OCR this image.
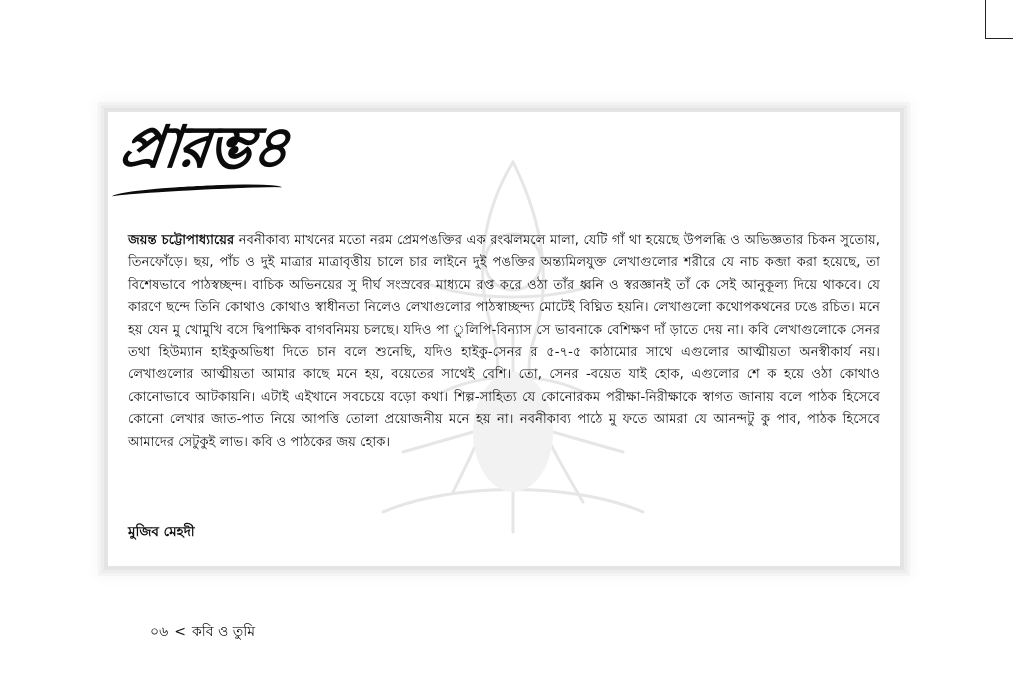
প্রারম্ভ৪

জয়ন্ত চট্টোপাধ্যায়ের নবনীকাব্য মাখনের মতো নরম প্রেমপঙক্তির এক রংঝলমলে মালা, যেটি গাঁ থা হয়েছে উপলব্ধি ও অভিজ্ঞতার চিকন সুতোয়, তিনফোঁড়ে। ছয়, পাঁচ ও দুই মাত্রার মাত্রাবৃত্তীয় চালে চার লাইনে দুই পঙক্তির অন্ত্যমিলযুক্ত লেখাগুলোর শরীরে যে নাচ কব্জা করা হয়েছে, তা বিশেষভাবে পাঠস্বচ্ছন্দ। বাচিক অভিনয়ের সু দীর্ঘ সংস্রবের মাধ্যমে রপ্ত করে ওঠা তাঁর ধ্বনি ও স্বরজ্ঞানই তাঁ কে সেই আনুকূল্য দিয়ে থাকবে। যে কারণে ছন্দে তিনি কোথাও কোথাও স্বাধীনতা নিলেও লেখাগুলোর পাঠস্বাচ্ছন্দ্য মোটেই বিঘ্নিত হয়নি। লেখাগুলো কথোপকথনের ঢঙে রচিত। মনে হয় যেন মু খোমুখি বসে দ্বিপাক্ষিক বাগবনিময় চলছে। যদিও পা ুলিপি-বিন্যাস সে ভাবনাকে বেশিক্ষণ দাঁ ড়াতে দেয় না। কবি লেখাগুলোকে সেনর তথা হিউম্যান হাইকুঅভিধা দিতে চান বলে শুনেছি, যদিও হাইকু-সেনর র ৫-৭-৫ কাঠামোর সাথে এগুলোর আত্মীয়তা অনস্বীকার্য নয়। লেখাগুলোর আত্মীয়তা আমার কাছে মনে হয়, বয়েতের সাথেই বেশি। তো, সেনর -বয়েত যাই হোক, এগুলোর শে ক হয়ে ওঠা কোথাও কোনোভাবে আটকায়নি। এটাই এইখানে সবচেয়ে বড়ো কথা। শিল্প-সাহিত্য যে কোনোরকম পরীক্ষা-নিরীক্ষাকে স্বাগত জানায় বলে পাঠক হিসেবে কোনো লেখার জাত-পাত নিয়ে আপত্তি তোলা প্রয়োজনীয় মনে হয় না। নবনীকাব্য পাঠে মু ফতে আমরা যে আনন্দটু কু পাব, পাঠক হিসেবে আমাদের সেটুকুই লাভ। কবি ও পাঠকের জয় হোক।

মুজিব মেহদী
০৬ < কবি ও তুমি
